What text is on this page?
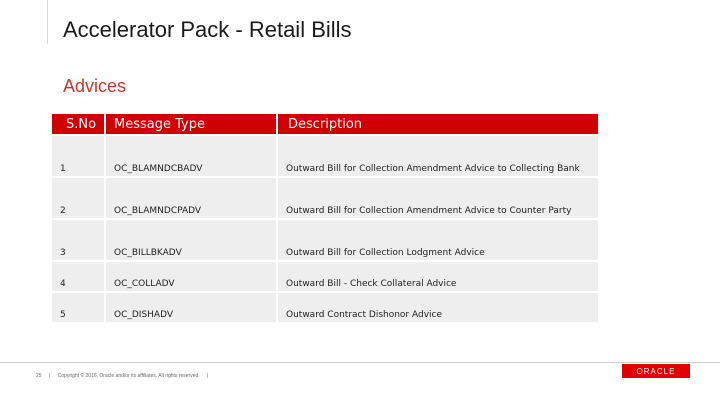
Accelerator Pack - Retail Bills
Advices
S.No	Message Type	Description
1	OC_BLAMNDCBADV	Outward Bill for Collection Amendment Advice to Collecting Bank
2	OC_BLAMNDCPADV	Outward Bill for Collection Amendment Advice to Counter Party
3	OC_BILLBKADV	Outward Bill for Collection Lodgment Advice
4	OC_COLLADV	Outward Bill - Check Collateral Advice
5	OC_DISHADV	Outward Contract Dishonor Advice
25 | Copyright © 2016, Oracle and/or its affiliates. All rights reserved. |
ORACLE
